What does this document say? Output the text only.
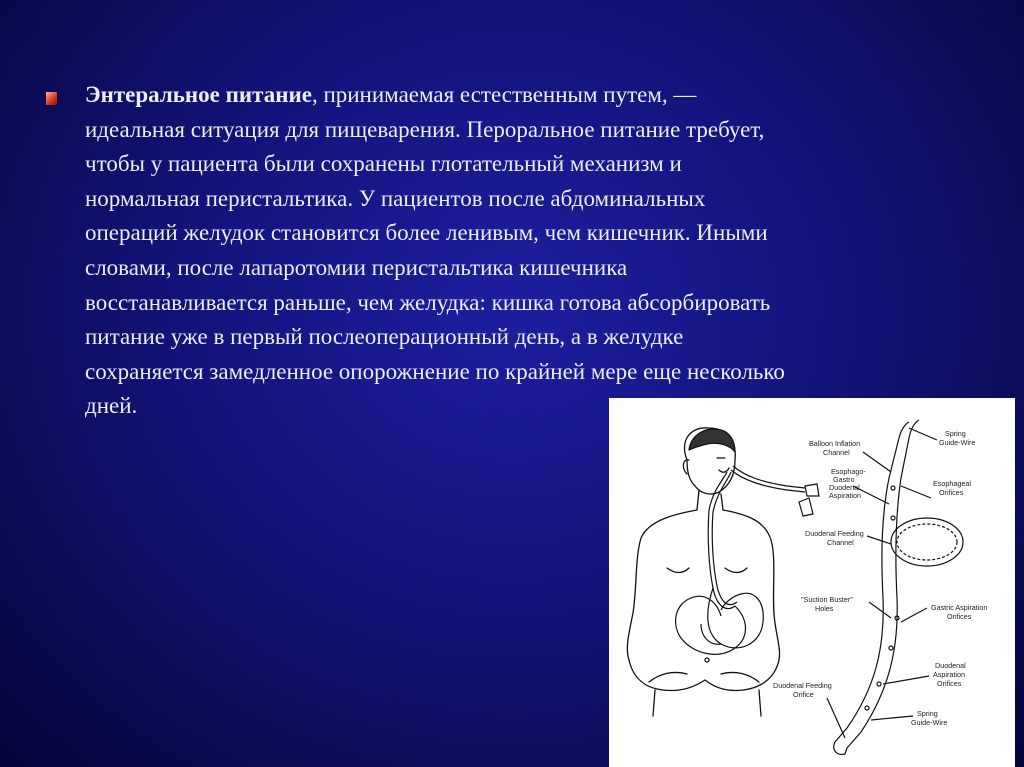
Энтеральное питание, принимаемая естественным путем, —
идеальная ситуация для пищеварения. Пероральное питание требует,
чтобы у пациента были сохранены глотательный механизм и
нормальная перистальтика. У пациентов после абдоминальных
операций желудок становится более ленивым, чем кишечник. Иными
словами, после лапаротомии перистальтика кишечника
восстанавливается раньше, чем желудка: кишка готова абсорбировать
питание уже в первый послеоперационный день, а в желудке
сохраняется замедленное опорожнение по крайней мере еще несколько
дней.

Balloon Inflation
Channel
Spring
Guide-Wire
Esophago-
Gastro
Duodenal
Aspiration
Esophageal
Orifices
Duodenal Feeding
Channel
"Suction Buster"
Holes	Gastric Aspiration
Orifices
Duodenal
Aspiration
Orifices
Duodenal Feeding
Orifice
Spring
Guide-Wire
